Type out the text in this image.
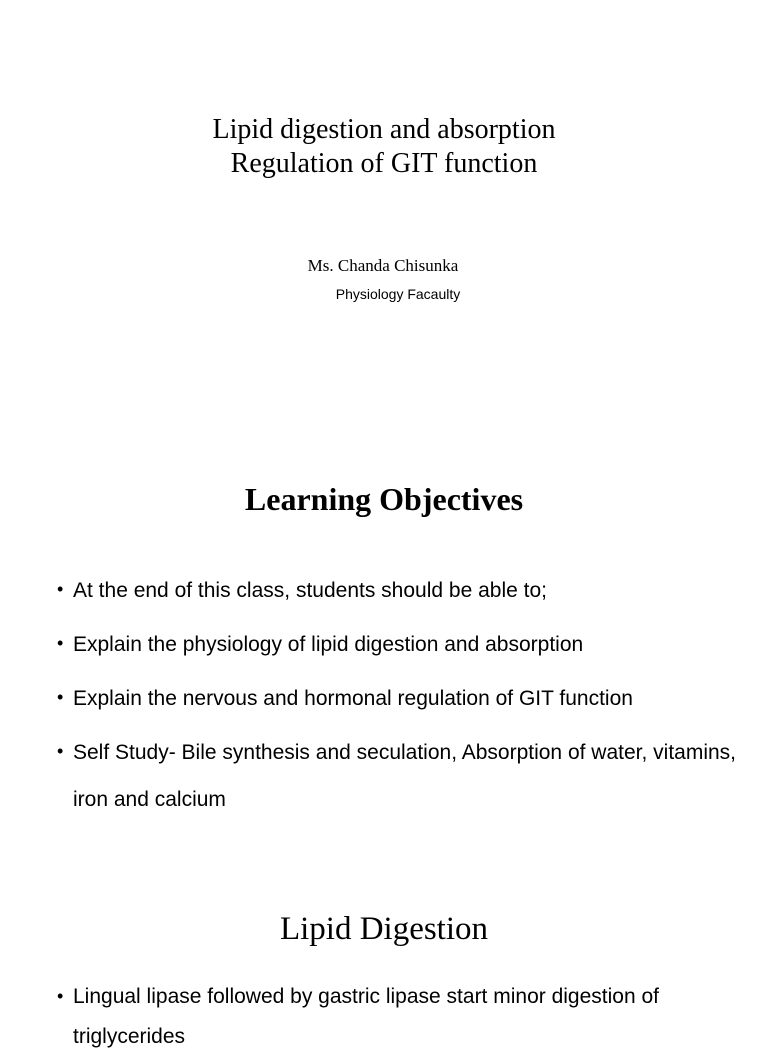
Lipid digestion and absorption
Regulation of GIT function
Ms. Chanda Chisunka
Physiology Facaulty
Learning Objectives
• At the end of this class, students should be able to;
• Explain the physiology of lipid digestion and absorption
• Explain the nervous and hormonal regulation of GIT function
• Self Study- Bile synthesis and seculation, Absorption of water, vitamins, iron and calcium
Lipid Digestion
• Lingual lipase followed by gastric lipase start minor digestion of triglycerides
